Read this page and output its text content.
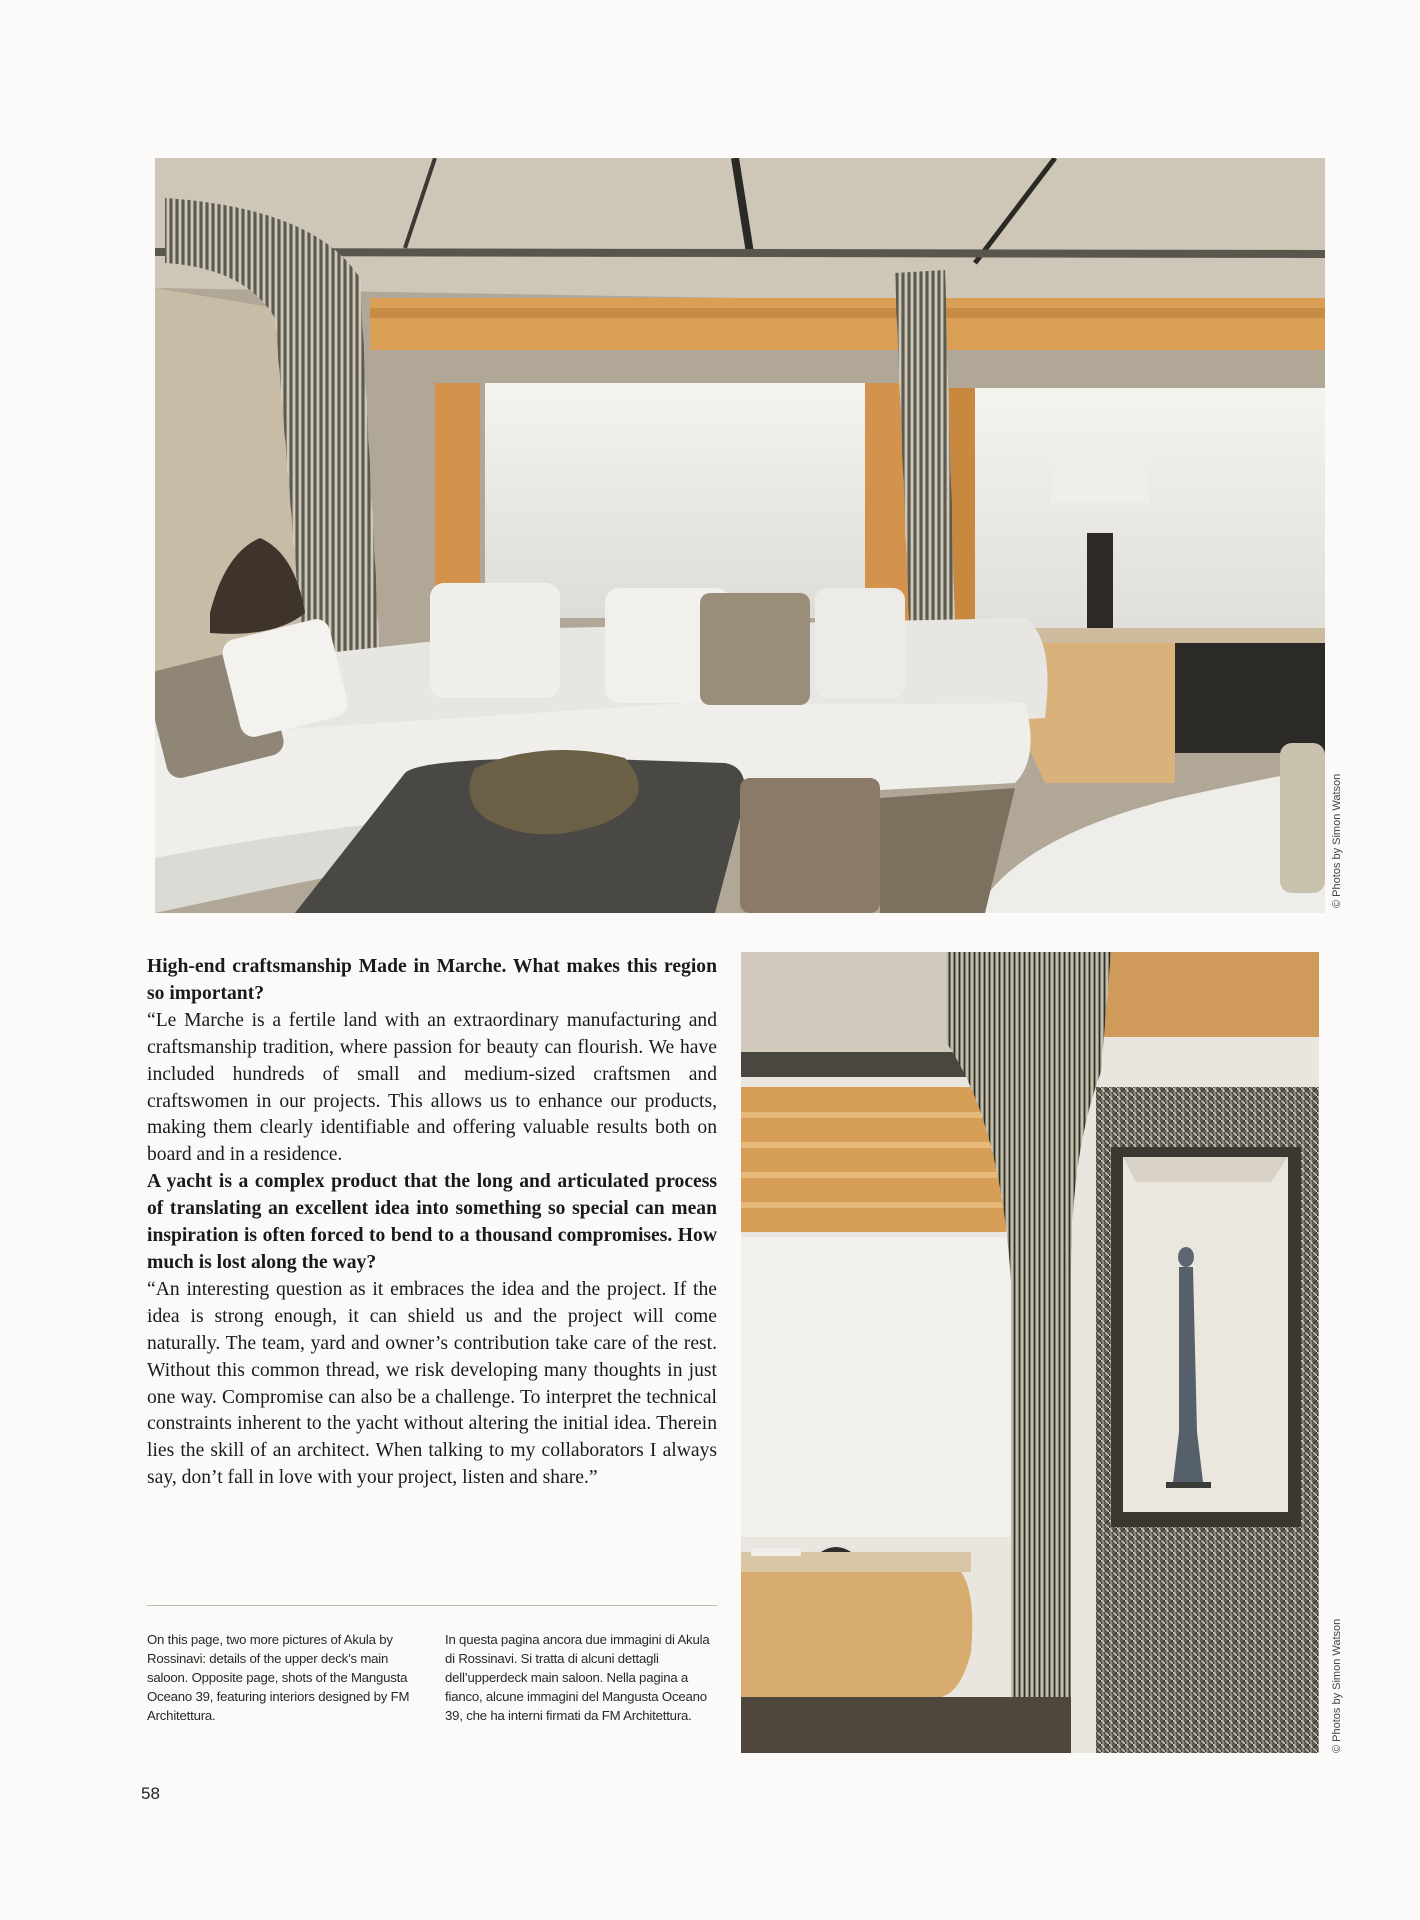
© Photos by Simon Watson

High-end craftsmanship Made in Marche. What makes this region so important?

“Le Marche is a fertile land with an extraordinary manufacturing and craftsmanship tradition, where passion for beauty can flourish. We have included hundreds of small and medium-sized craftsmen and craftswomen in our projects. This allows us to enhance our products, making them clearly identifiable and offering valuable results both on board and in a residence.

A yacht is a complex product that the long and articulated process of translating an excellent idea into something so special can mean inspiration is often forced to bend to a thousand compromises. How much is lost along the way?

“An interesting question as it embraces the idea and the project. If the idea is strong enough, it can shield us and the project will come naturally. The team, yard and owner’s contribution take care of the rest. Without this common thread, we risk developing many thoughts in just one way. Compromise can also be a challenge. To interpret the technical constraints inherent to the yacht without altering the initial idea. Therein lies the skill of an architect. When talking to my collaborators I always say, don’t fall in love with your project, listen and share.”

On this page, two more pictures of Akula by Rossinavi: details of the upper deck’s main saloon. Opposite page, shots of the Mangusta Oceano 39, featuring interiors designed by FM Architettura.
In questa pagina ancora due immagini di Akula di Rossinavi. Si tratta di alcuni dettagli dell’upperdeck main saloon. Nella pagina a fianco, alcune immagini del Mangusta Oceano 39, che ha interni firmati da FM Architettura.	© Photos by Simon Watson
58
